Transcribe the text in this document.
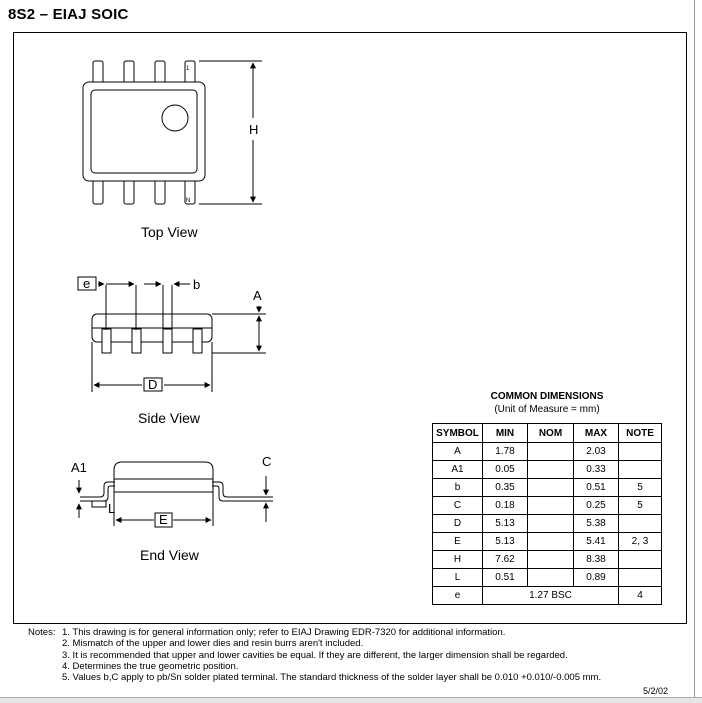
8S2 – EIAJ SOIC
1
N
H
Top View
e	b
A
D
Side View
A1
L
C
E
End View
COMMON DIMENSIONS
(Unit of Measure = mm)
SYMBOL	MIN	NOM	MAX	NOTE
A	1.78		2.03	
A1	0.05		0.33	
b	0.35		0.51	5
C	0.18		0.25	5
D	5.13		5.38	
E	5.13		5.41	2, 3
H	7.62		8.38	
L	0.51		0.89	
e	1.27 BSC			4
Notes: 1. This drawing is for general information only; refer to EIAJ Drawing EDR-7320 for additional information.
2. Mismatch of the upper and lower dies and resin burrs aren't included.
3. It is recommended that upper and lower cavities be equal. If they are different, the larger dimension shall be regarded.
4. Determines the true geometric position.
5. Values b,C apply to pb/Sn solder plated terminal. The standard thickness of the solder layer shall be 0.010 +0.010/-0.005 mm.
5/2/02
